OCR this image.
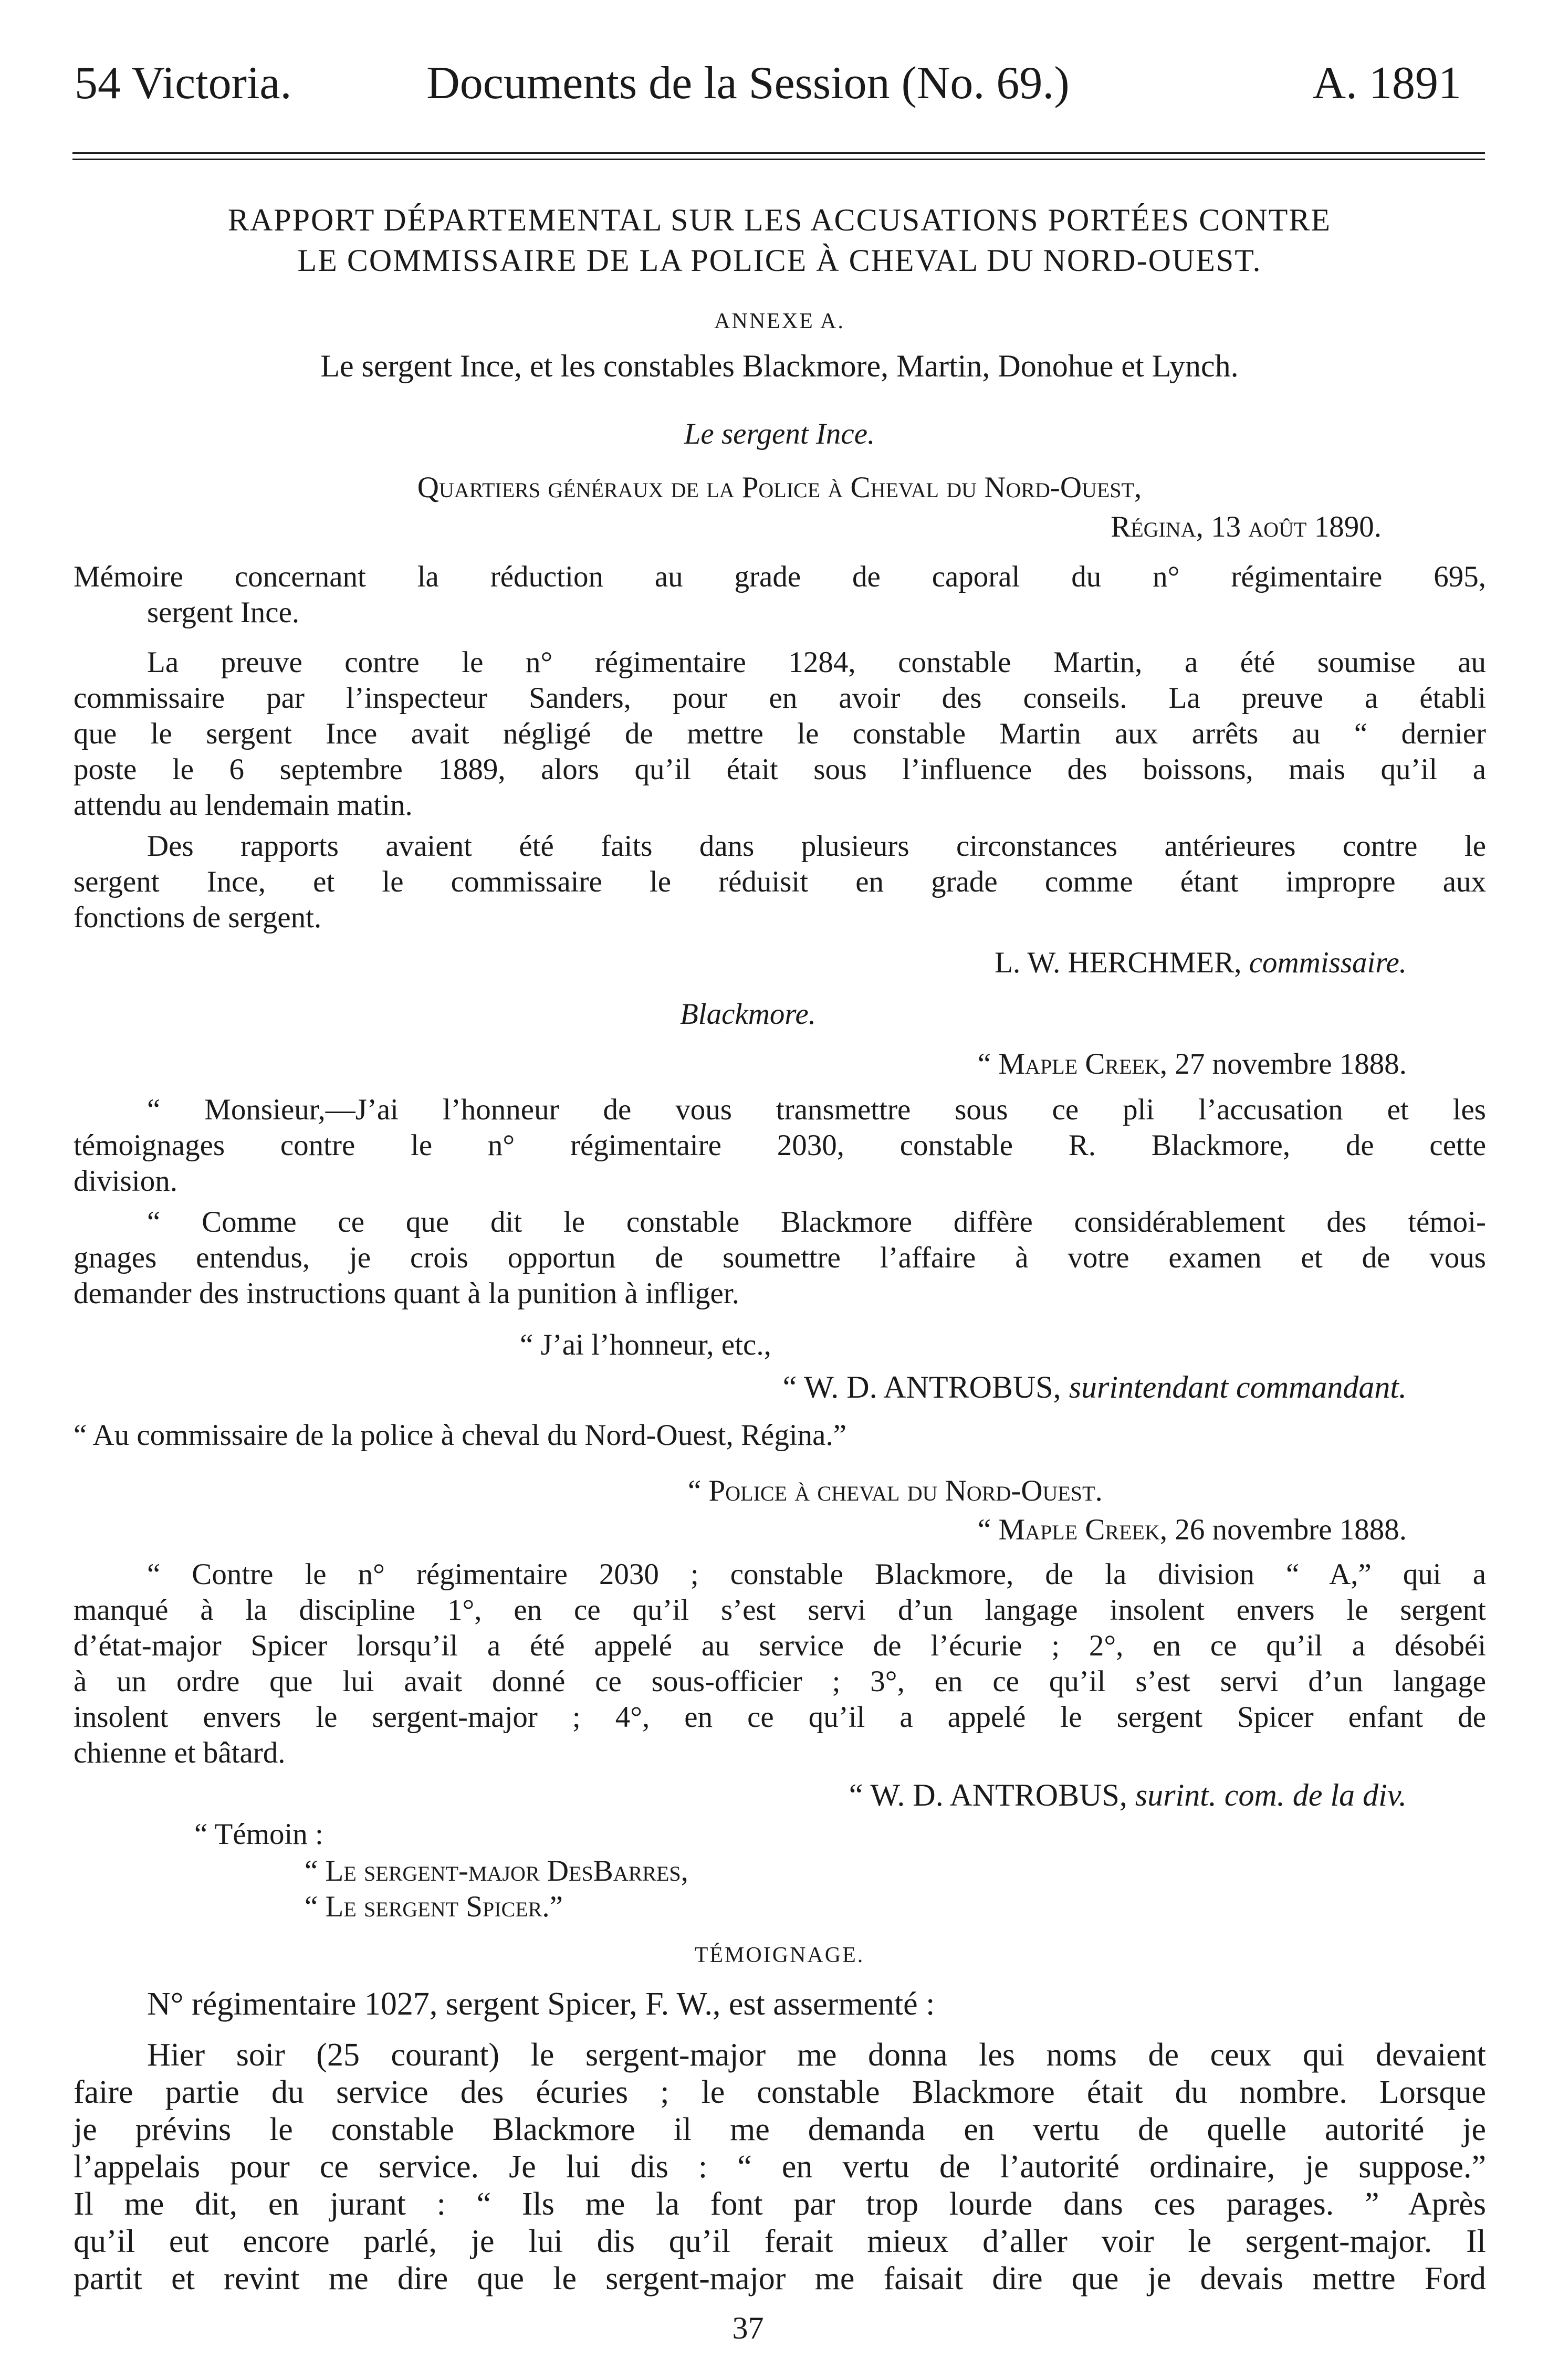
54 Victoria.	Documents de la Session (No. 69.)	A. 1891
RAPPORT DÉPARTEMENTAL SUR LES ACCUSATIONS PORTÉES CONTRE
LE COMMISSAIRE DE LA POLICE À CHEVAL DU NORD-OUEST.
ANNEXE A.
Le sergent Ince, et les constables Blackmore, Martin, Donohue et Lynch.
Le sergent Ince.
Quartiers généraux de la Police à Cheval du Nord-Ouest,
Régina, 13 août 1890.
Mémoire concernant la réduction au grade de caporal du n° régimentaire 695,
sergent Ince.
La preuve contre le n° régimentaire 1284, constable Martin, a été soumise au
commissaire par l’inspecteur Sanders, pour en avoir des conseils. La preuve a établi
que le sergent Ince avait négligé de mettre le constable Martin aux arrêts au “ dernier
poste le 6 septembre 1889, alors qu’il était sous l’influence des boissons, mais qu’il a
attendu au lendemain matin.
Des rapports avaient été faits dans plusieurs circonstances antérieures contre le
sergent Ince, et le commissaire le réduisit en grade comme étant impropre aux
fonctions de sergent.
L. W. HERCHMER, commissaire.
Blackmore.
“ Maple Creek, 27 novembre 1888.
“ Monsieur,—J’ai l’honneur de vous transmettre sous ce pli l’accusation et les
témoignages contre le n° régimentaire 2030, constable R. Blackmore, de cette
division.
“ Comme ce que dit le constable Blackmore diffère considérablement des témoi-
gnages entendus, je crois opportun de soumettre l’affaire à votre examen et de vous
demander des instructions quant à la punition à infliger.
“ J’ai l’honneur, etc.,
“ W. D. ANTROBUS, surintendant commandant.
“ Au commissaire de la police à cheval du Nord-Ouest, Régina.”
“ Police à cheval du Nord-Ouest.
“ Maple Creek, 26 novembre 1888.
“ Contre le n° régimentaire 2030 ; constable Blackmore, de la division “ A,” qui a
manqué à la discipline 1°, en ce qu’il s’est servi d’un langage insolent envers le sergent
d’état-major Spicer lorsqu’il a été appelé au service de l’écurie ; 2°, en ce qu’il a désobéi
à un ordre que lui avait donné ce sous-officier ; 3°, en ce qu’il s’est servi d’un langage
insolent envers le sergent-major ; 4°, en ce qu’il a appelé le sergent Spicer enfant de
chienne et bâtard.
“ W. D. ANTROBUS, surint. com. de la div.
“ Témoin :
“ Le sergent-major DesBarres,
“ Le sergent Spicer.”
TÉMOIGNAGE.
N° régimentaire 1027, sergent Spicer, F. W., est assermenté :
Hier soir (25 courant) le sergent-major me donna les noms de ceux qui devaient
faire partie du service des écuries ; le constable Blackmore était du nombre. Lorsque
je prévins le constable Blackmore il me demanda en vertu de quelle autorité je
l’appelais pour ce service. Je lui dis : “ en vertu de l’autorité ordinaire, je suppose.”
Il me dit, en jurant : “ Ils me la font par trop lourde dans ces parages. ” Après
qu’il eut encore parlé, je lui dis qu’il ferait mieux d’aller voir le sergent-major. Il
partit et revint me dire que le sergent-major me faisait dire que je devais mettre Ford
37
